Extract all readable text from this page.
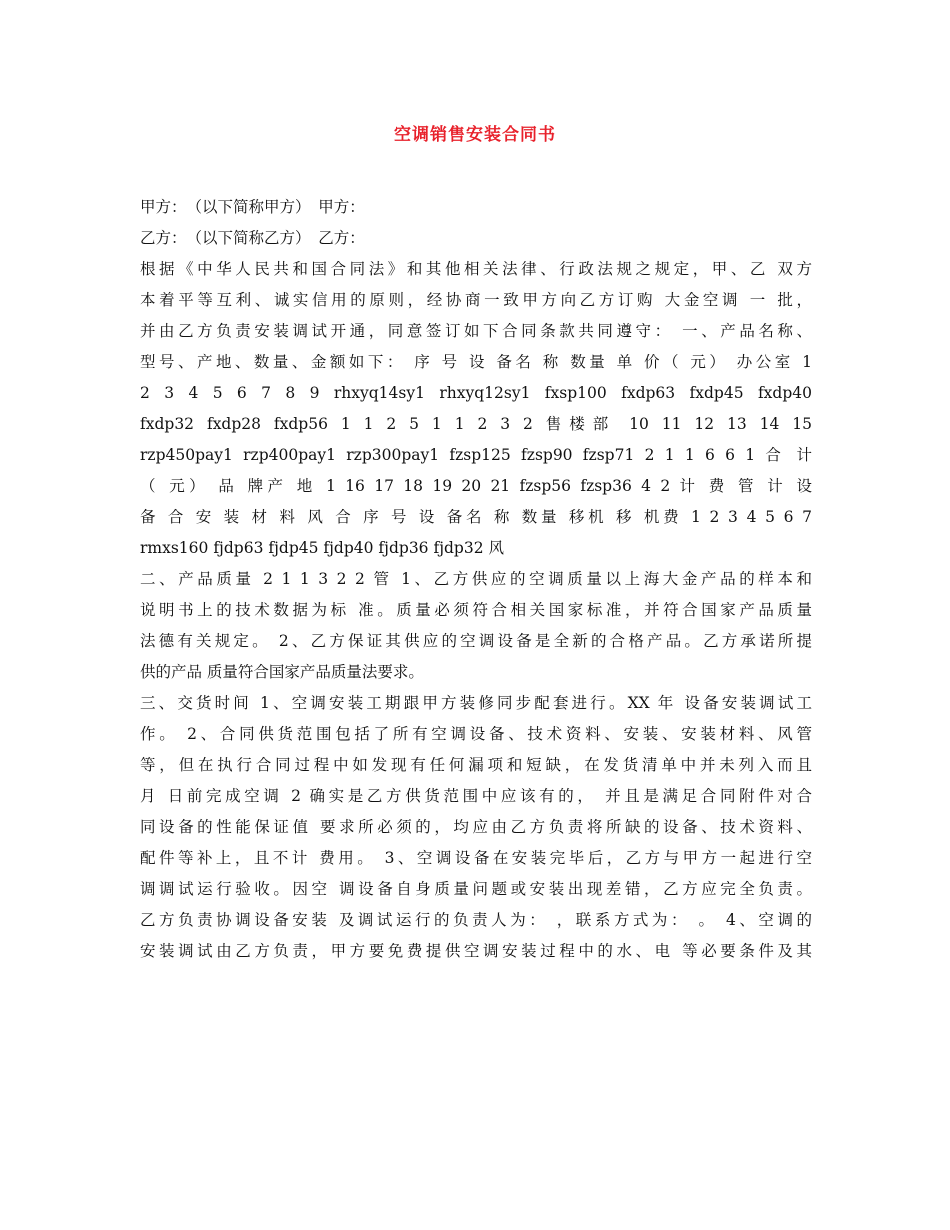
空调销售安装合同书
甲方：　（以下简称甲方）　甲方：
乙方：　（以下简称乙方）　乙方：
根据《中华人民共和国合同法》和其他相关法律、行政法规之规定，甲、乙 双方
本着平等互利、诚实信用的原则，经协商一致甲方向乙方订购 大金空调 一 批，
并由乙方负责安装调试开通，同意签订如下合同条款共同遵守： 一、产品名称、
型号、产地、数量、金额如下： 序 号 设 备名 称 数量 单 价（ 元） 办公室 1
2 3 4 5 6 7 8 9 rhxyq14sy1 rhxyq12sy1 fxsp100 fxdp63 fxdp45 fxdp40
fxdp32 fxdp28 fxdp56 1 1 2 5 1 1 2 3 2 售楼部 10 11 12 13 14 15
rzp450pay1 rzp400pay1 rzp300pay1 fzsp125 fzsp90 fzsp71 2 1 1 6 6 1 合 计
（ 元） 品 牌产 地 1 16 17 18 19 20 21 fzsp56 fzsp36 4 2 计 费 管 计 设
备 合 安 装 材 料 风 合 序 号 设 备名 称 数量 移机 移 机费 1 2 3 4 5 6 7
rmxs160 fjdp63 fjdp45 fjdp40 fjdp36 fjdp32 风
二、产品质量 2 1 1 3 2 2 管 1、乙方供应的空调质量以上海大金产品的样本和
说明书上的技术数据为标 准。质量必须符合相关国家标准，并符合国家产品质量
法德有关规定。 2、乙方保证其供应的空调设备是全新的合格产品。乙方承诺所提
供的产品 质量符合国家产品质量法要求。
三、交货时间 1、空调安装工期跟甲方装修同步配套进行。XX 年 设备安装调试工
作。 2、合同供货范围包括了所有空调设备、技术资料、安装、安装材料、风管
等，但在执行合同过程中如发现有任何漏项和短缺，在发货清单中并未列入而且
月 日前完成空调 2 确实是乙方供货范围中应该有的， 并且是满足合同附件对合
同设备的性能保证值 要求所必须的，均应由乙方负责将所缺的设备、技术资料、
配件等补上，且不计 费用。 3、空调设备在安装完毕后，乙方与甲方一起进行空
调调试运行验收。因空 调设备自身质量问题或安装出现差错，乙方应完全负责。
乙方负责协调设备安装 及调试运行的负责人为： ，联系方式为： 。 4、空调的
安装调试由乙方负责，甲方要免费提供空调安装过程中的水、电 等必要条件及其
